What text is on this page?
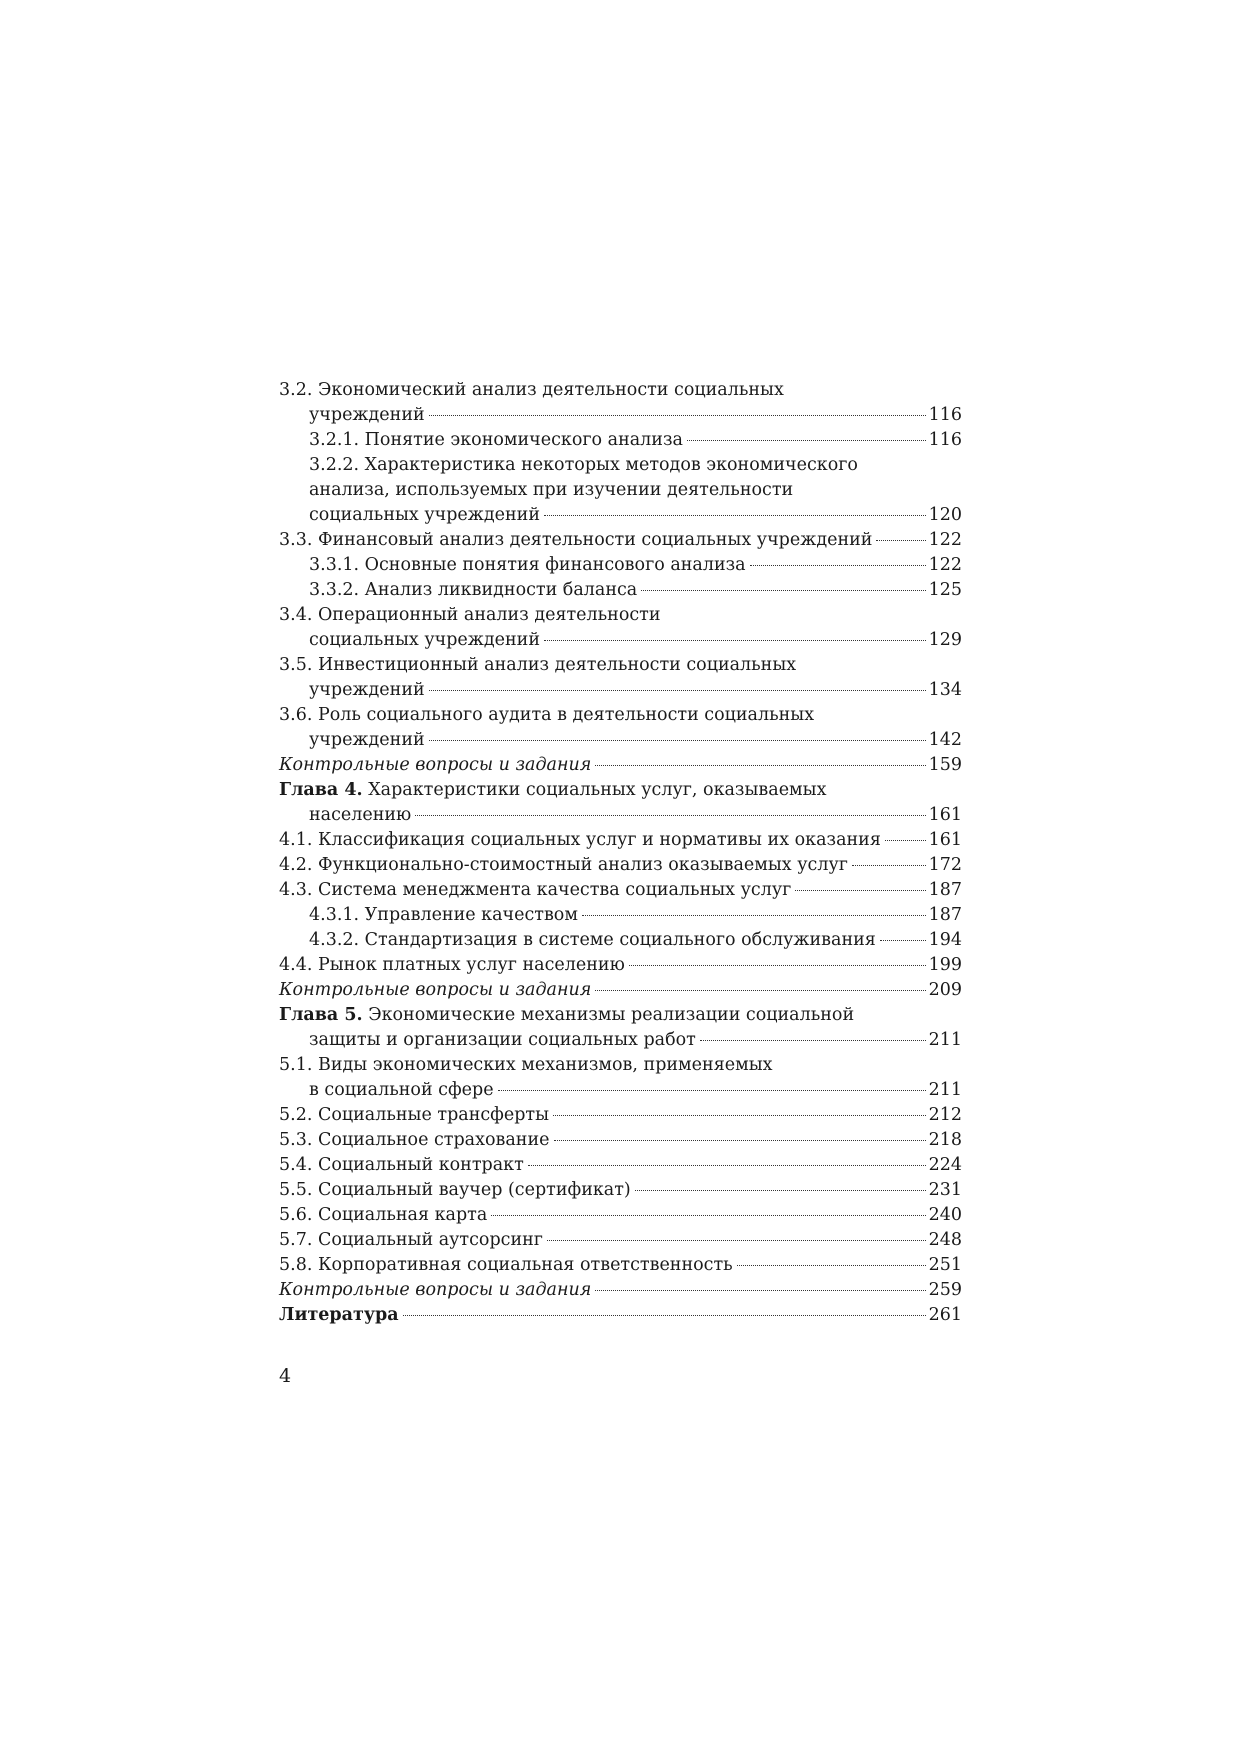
3.2. Экономический анализ деятельности социальных
учреждений	116
3.2.1. Понятие экономического анализа	116
3.2.2. Характеристика некоторых методов экономического
анализа, используемых при изучении деятельности
социальных учреждений	120
3.3. Финансовый анализ деятельности социальных учреждений	122
3.3.1. Основные понятия финансового анализа	122
3.3.2. Анализ ликвидности баланса	125
3.4. Операционный анализ деятельности
социальных учреждений	129
3.5. Инвестиционный анализ деятельности социальных
учреждений	134
3.6. Роль социального аудита в деятельности социальных
учреждений	142
Контрольные вопросы и задания	159
Глава 4. Характеристики социальных услуг, оказываемых
населению	161
4.1. Классификация социальных услуг и нормативы их оказания	161
4.2. Функционально-стоимостный анализ оказываемых услуг	172
4.3. Система менеджмента качества социальных услуг	187
4.3.1. Управление качеством	187
4.3.2. Стандартизация в системе социального обслуживания	194
4.4. Рынок платных услуг населению	199
Контрольные вопросы и задания	209
Глава 5. Экономические механизмы реализации социальной
защиты и организации социальных работ	211
5.1. Виды экономических механизмов, применяемых
в социальной сфере	211
5.2. Социальные трансферты	212
5.3. Социальное страхование	218
5.4. Социальный контракт	224
5.5. Социальный ваучер (сертификат)	231
5.6. Социальная карта	240
5.7. Социальный аутсорсинг	248
5.8. Корпоративная социальная ответственность	251
Контрольные вопросы и задания	259
Литература	261
4
